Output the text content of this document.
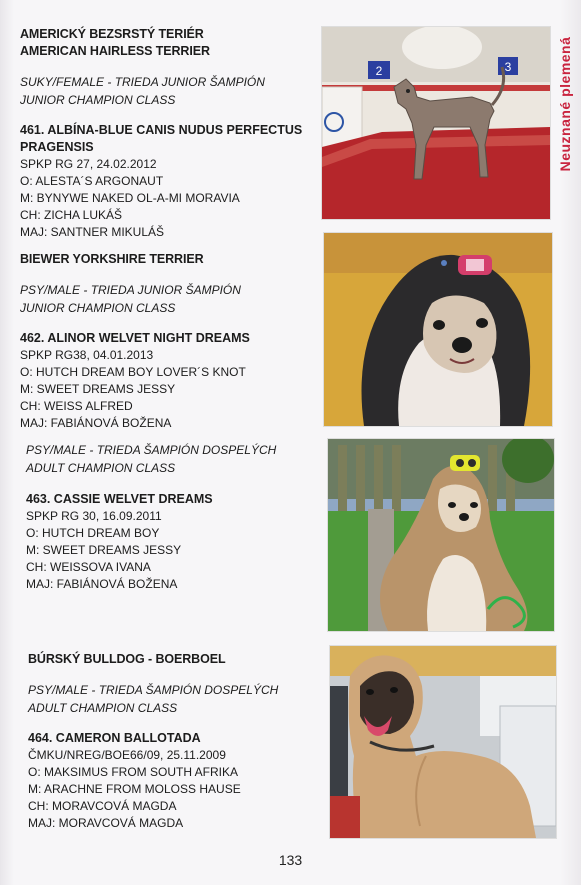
AMERICKÝ BEZSRSTÝ TERIÉR
AMERICAN HAIRLESS TERRIER
SUKY/FEMALE - TRIEDA JUNIOR ŠAMPIÓN
JUNIOR CHAMPION CLASS
461. ALBÍNA-BLUE CANIS NUDUS PERFECTUS
PRAGENSIS
SPKP RG 27, 24.02.2012
O: ALESTA´S ARGONAUT
M: BYNYWE NAKED OL-A-MI MORAVIA
CH: ZICHA LUKÁŠ
MAJ: SANTNER MIKULÁŠ
BIEWER YORKSHIRE TERRIER
PSY/MALE - TRIEDA JUNIOR ŠAMPIÓN
JUNIOR CHAMPION CLASS
462. ALINOR WELVET NIGHT DREAMS
SPKP RG38, 04.01.2013
O: HUTCH DREAM BOY LOVER´S KNOT
M: SWEET DREAMS JESSY
CH: WEISS ALFRED
MAJ: FABIÁNOVÁ BOŽENA
PSY/MALE - TRIEDA ŠAMPIÓN DOSPELÝCH
ADULT CHAMPION CLASS
463. CASSIE WELVET DREAMS
SPKP RG 30, 16.09.2011
O: HUTCH DREAM BOY
M: SWEET DREAMS JESSY
CH: WEISSOVA IVANA
MAJ: FABIÁNOVÁ BOŽENA
BÚRSKÝ BULLDOG - BOERBOEL
PSY/MALE - TRIEDA ŠAMPIÓN DOSPELÝCH
ADULT CHAMPION CLASS
464. CAMERON BALLOTADA
ČMKU/NREG/BOE66/09, 25.11.2009
O: MAKSIMUS FROM SOUTH AFRIKA
M: ARACHNE FROM MOLOSS HAUSE
CH: MORAVCOVÁ MAGDA
MAJ: MORAVCOVÁ MAGDA
Neuznané plemená
2	3
133
